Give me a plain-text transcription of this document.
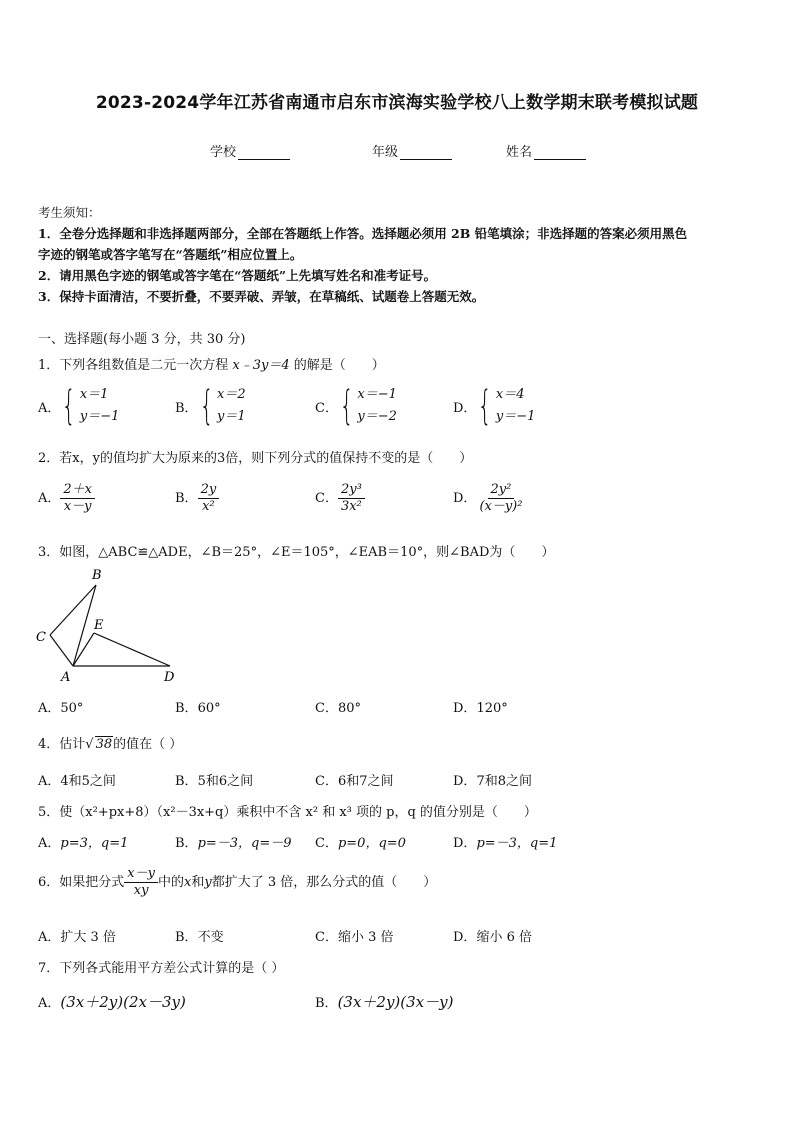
2023-2024学年江苏省南通市启东市滨海实验学校八上数学期末联考模拟试题
学校	年级	姓名
考生须知：
1．全卷分选择题和非选择题两部分，全部在答题纸上作答。选择题必须用 2B 铅笔填涂；非选择题的答案必须用黑色
字迹的钢笔或答字笔写在“答题纸”相应位置上。
2．请用黑色字迹的钢笔或答字笔在“答题纸”上先填写姓名和准考证号。
3．保持卡面清洁，不要折叠，不要弄破、弄皱，在草稿纸、试题卷上答题无效。
一、选择题(每小题 3 分，共 30 分)
1．下列各组数值是二元一次方程 x﹣3y＝4 的解是（　　）
A． { x＝1
y＝−1
B． { x＝2
y＝1
C． { x＝−1
y＝−2
D． { x＝4
y＝−1
2．若x，y的值均扩大为原来的3倍，则下列分式的值保持不变的是（　　）
A． $\frac{2+x}{x-y}$	B． $\frac{2y}{\text{x²}}$	C． $\frac{\text{2y³}}{\text{3x²}}$	D． $\frac{\text{2y²}}{\text{(x－y)²}}$
3．如图，△ABC≌△ADE，∠B＝25°，∠E＝105°，∠EAB＝10°，则∠BAD为（　　）
B
C
E
A	D
A．50°	B．60°	C．80°	D．120°
4．估计√ 38的值在（ ）
A．4和5之间	B．5和6之间	C．6和7之间	D．7和8之间
5．使（x²+px+8）（x²－3x+q）乘积中不含 x² 和 x³ 项的 p，q 的值分别是（　　）
A．p=3，q=1	B．p=－3，q=－9 C．p=0，q=0	D．p=－3，q=1
6．如果把分式 $\frac{x-y}{xy}$ 中的x和y都扩大了 3 倍，那么分式的值（　　）
A．扩大 3 倍	B．不变	C．缩小 3 倍	D．缩小 6 倍
7．下列各式能用平方差公式计算的是（ ）
A．(3x＋2y)(2x－3y)	B．(3x＋2y)(3x－y)
